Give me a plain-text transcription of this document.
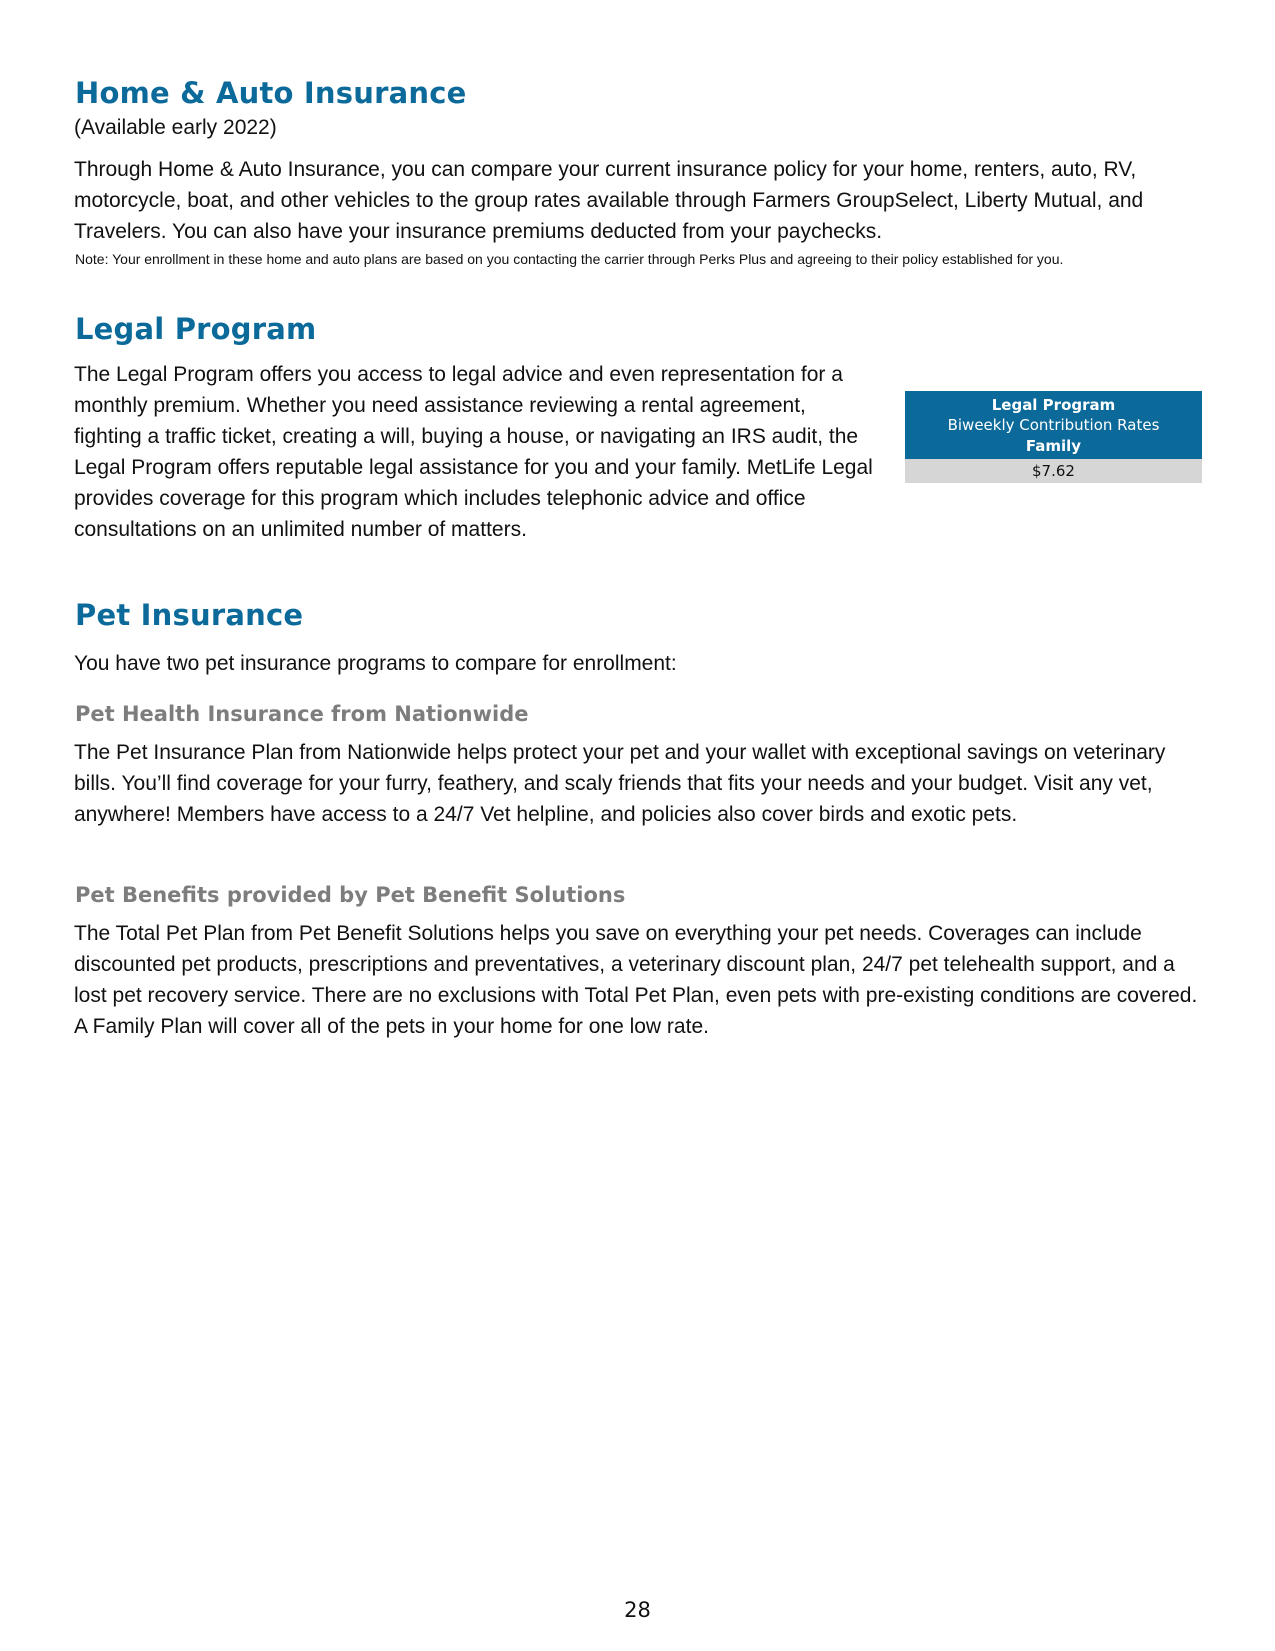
Home & Auto Insurance

(Available early 2022)

Through Home & Auto Insurance, you can compare your current insurance policy for your home, renters, auto, RV, motorcycle, boat, and other vehicles to the group rates available through Farmers GroupSelect, Liberty Mutual, and Travelers. You can also have your insurance premiums deducted from your paychecks.

Note: Your enrollment in these home and auto plans are based on you contacting the carrier through Perks Plus and agreeing to their policy established for you.

Legal Program

The Legal Program offers you access to legal advice and even representation for a monthly premium. Whether you need assistance reviewing a rental agreement, fighting a traffic ticket, creating a will, buying a house, or navigating an IRS audit, the Legal Program offers reputable legal assistance for you and your family. MetLife Legal provides coverage for this program which includes telephonic advice and office consultations on an unlimited number of matters.

Legal Program
Biweekly Contribution Rates
Family
$7.62
Pet Insurance

You have two pet insurance programs to compare for enrollment:

Pet Health Insurance from Nationwide

The Pet Insurance Plan from Nationwide helps protect your pet and your wallet with exceptional savings on veterinary bills. You’ll find coverage for your furry, feathery, and scaly friends that fits your needs and your budget. Visit any vet, anywhere! Members have access to a 24/7 Vet helpline, and policies also cover birds and exotic pets.

Pet Benefits provided by Pet Benefit Solutions

The Total Pet Plan from Pet Benefit Solutions helps you save on everything your pet needs. Coverages can include discounted pet products, prescriptions and preventatives, a veterinary discount plan, 24/7 pet telehealth support, and a lost pet recovery service. There are no exclusions with Total Pet Plan, even pets with pre-existing conditions are covered. A Family Plan will cover all of the pets in your home for one low rate.

28
